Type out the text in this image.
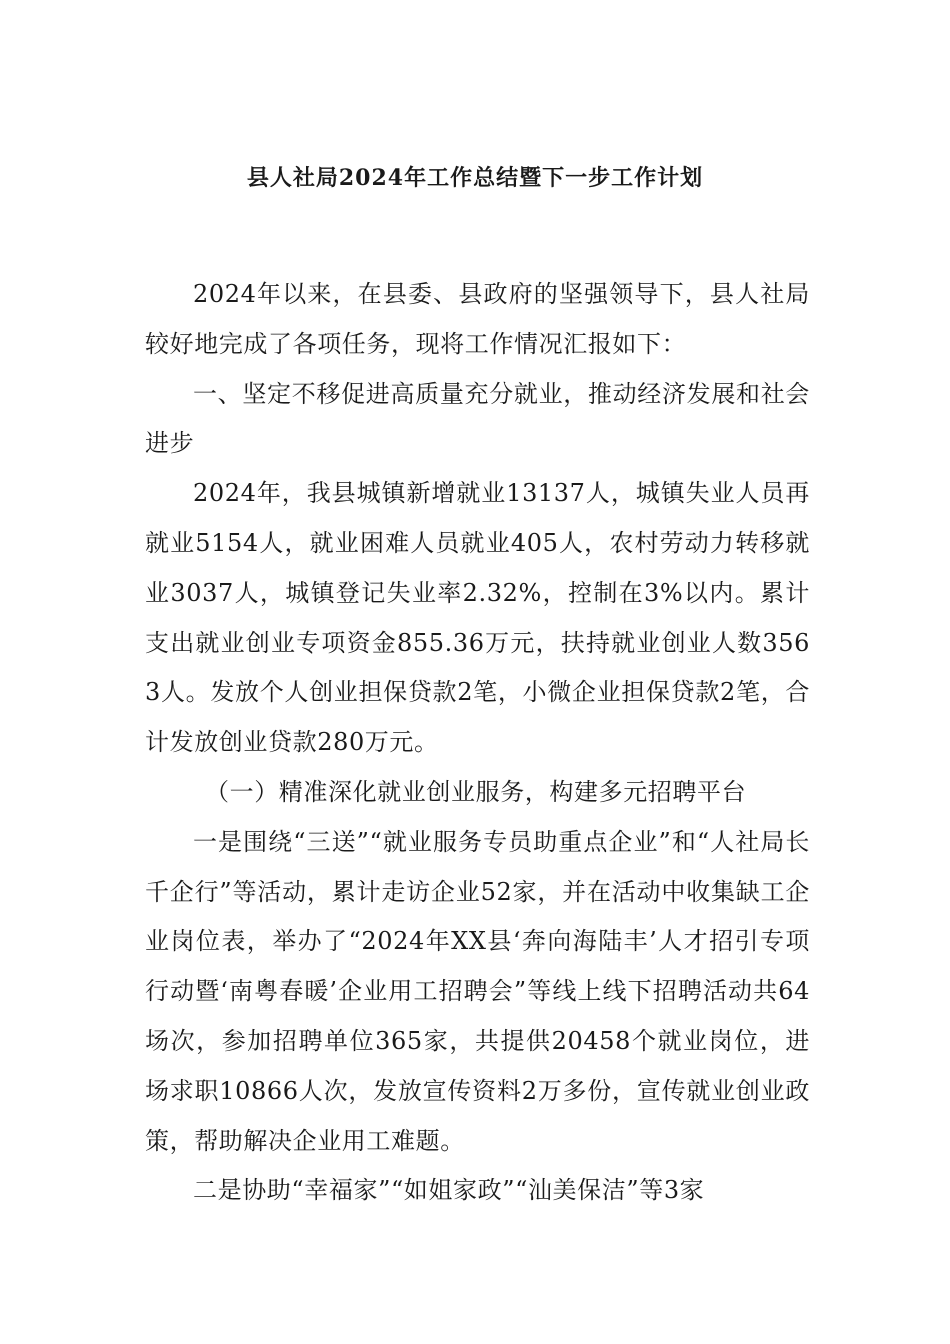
县人社局2024年工作总结暨下一步工作计划

2024年以来，在县委、县政府的坚强领导下，县人社局较好地完成了各项任务，现将工作情况汇报如下：

一、坚定不移促进高质量充分就业，推动经济发展和社会进步

2024年，我县城镇新增就业13137人，城镇失业人员再就业5154人，就业困难人员就业405人，农村劳动力转移就业3037人，城镇登记失业率2.32%，控制在3%以内。累计支出就业创业专项资金855.36万元，扶持就业创业人数3563人。发放个人创业担保贷款2笔，小微企业担保贷款2笔，合计发放创业贷款280万元。

（一）精准深化就业创业服务，构建多元招聘平台

一是围绕“三送”“就业服务专员助重点企业”和“人社局长千企行”等活动，累计走访企业52家，并在活动中收集缺工企业岗位表，举办了“2024年XX县‘奔向海陆丰’人才招引专项行动暨‘南粤春暖’企业用工招聘会”等线上线下招聘活动共64场次，参加招聘单位365家，共提供20458个就业岗位，进场求职10866人次，发放宣传资料2万多份，宣传就业创业政策，帮助解决企业用工难题。

二是协助“幸福家”“如姐家政”“汕美保洁”等3家
